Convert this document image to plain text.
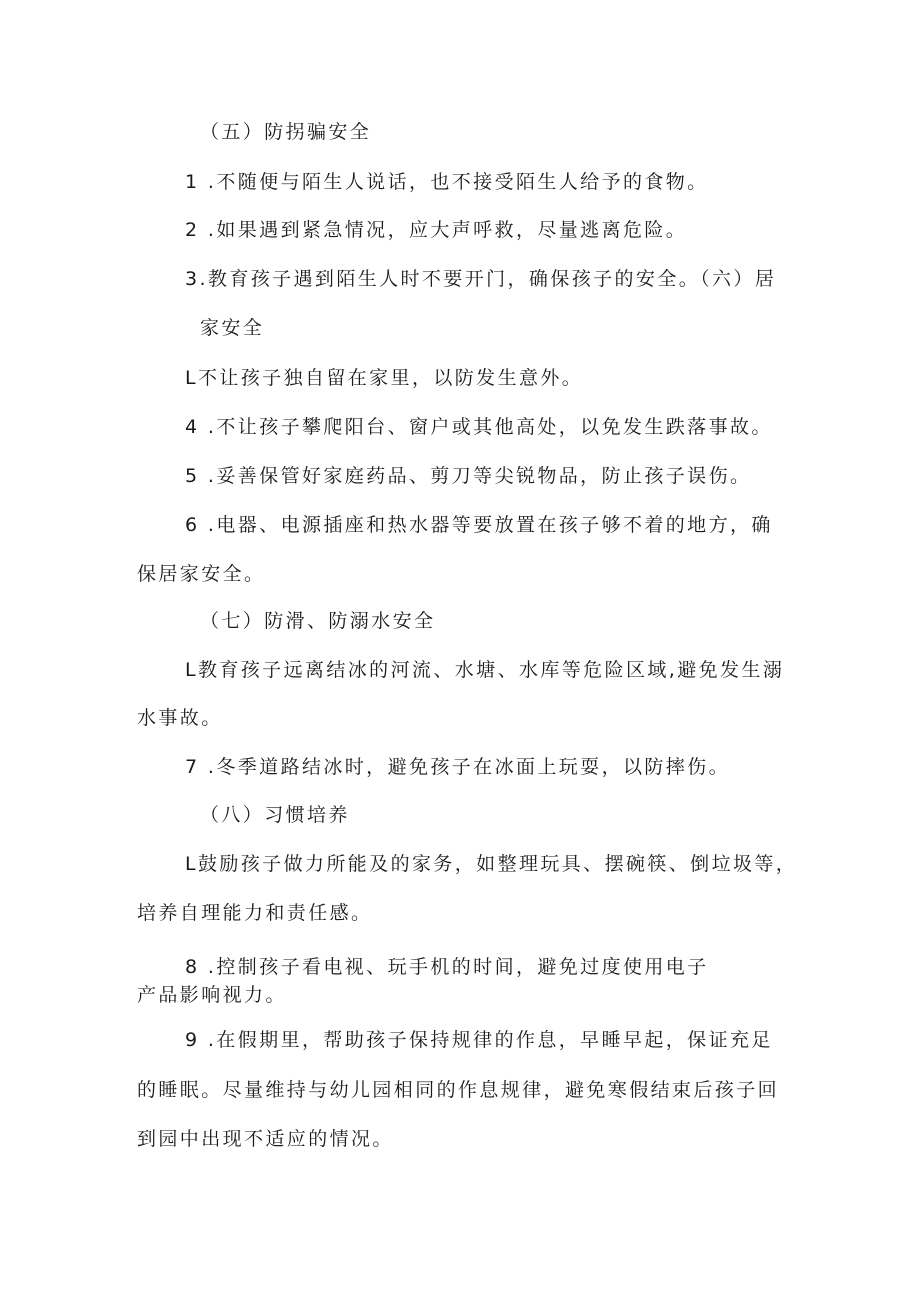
（五）防拐骗安全
1 .不随便与陌生人说话，也不接受陌生人给予的食物。
2 .如果遇到紧急情况，应大声呼救，尽量逃离危险。
3.教育孩子遇到陌生人时不要开门，确保孩子的安全。（六）居
家安全
L不让孩子独自留在家里，以防发生意外。
4 .不让孩子攀爬阳台、窗户或其他高处，以免发生跌落事故。
5 .妥善保管好家庭药品、剪刀等尖锐物品，防止孩子误伤。
6 .电器、电源插座和热水器等要放置在孩子够不着的地方，确
保居家安全。
（七）防滑、防溺水安全
L教育孩子远离结冰的河流、水塘、水库等危险区域,避免发生溺
水事故。
7 .冬季道路结冰时，避免孩子在冰面上玩耍，以防摔伤。
（八）习惯培养
L鼓励孩子做力所能及的家务，如整理玩具、摆碗筷、倒垃圾等，
培养自理能力和责任感。
8 .控制孩子看电视、玩手机的时间，避免过度使用电子
产品影响视力。
9 .在假期里，帮助孩子保持规律的作息，早睡早起，保证充足
的睡眠。尽量维持与幼儿园相同的作息规律，避免寒假结束后孩子回
到园中出现不适应的情况。
